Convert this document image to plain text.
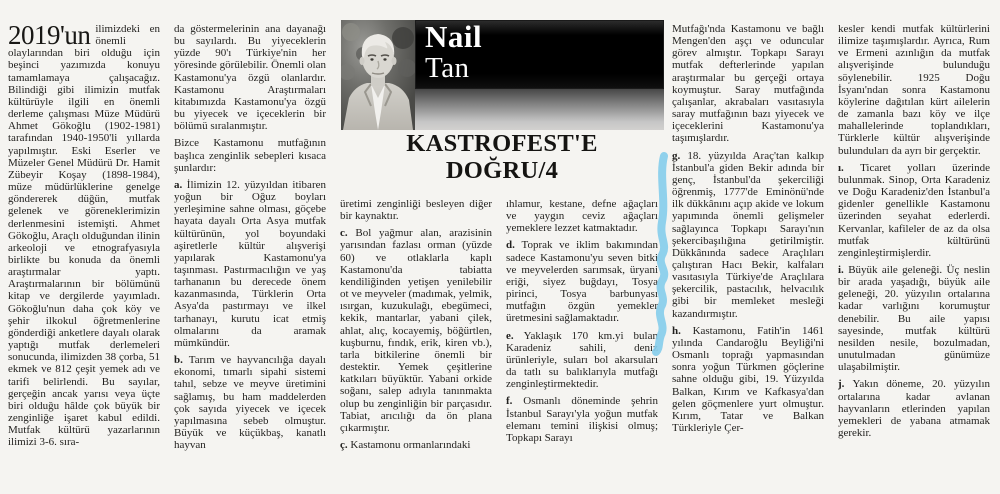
Nail
Tan
KASTROFEST'E
DOĞRU/4

2019'un ilimizdeki en önemli olaylarından biri olduğu için beşinci yazımızda konuyu tamamlamaya çalışacağız. Bilindiği gibi ilimizin mutfak kültürüyle ilgili en önemli derleme çalışması Müze Müdürü Ahmet Gökoğlu (1902-1981) tarafından 1940-1950'li yıllarda yapılmıştır. Eski Eserler ve Müzeler Genel Müdürü Dr. Hamit Zübeyir Koşay (1898-1984), müze müdürlüklerine genelge göndererek düğün, mutfak gelenek ve göreneklerimizin derlenmesini istemişti. Ahmet Gökoğlu, Araçlı olduğundan ilinin arkeoloji ve etnografyasıyla birlikte bu konuda da önemli araştırmalar yaptı. Araştırmalarının bir bölümünü kitap ve dergilerde yayımladı. Gökoğlu'nun daha çok köy ve şehir ilkokul öğretmenlerine gönderdiği anketlere dayalı olarak yaptığı mutfak derlemeleri sonucunda, ilimizden 38 çorba, 51 ekmek ve 812 çeşit yemek adı ve tarifi belirlendi. Bu sayılar, gerçeğin ancak yarısı veya üçte biri olduğu hâlde çok büyük bir zenginliğe işaret kabul edildi. Mutfak kültürü yazarlarının ilimizi 3-6. sıra-

da göstermelerinin ana dayanağı bu sayılardı. Bu yiyeceklerin yüzde 90'ı Türkiye'nin her yöresinde görülebilir. Önemli olan Kastamonu'ya özgü olanlardır. Kastamonu Araştırmaları kitabımızda Kastamonu'ya özgü bu yiyecek ve içeceklerin bir bölümü sıralanmıştır.

Bizce Kastamonu mutfağının başlıca zenginlik sebepleri kısaca şunlardır:

a. İlimizin 12. yüzyıldan itibaren yoğun bir Oğuz boyları yerleşimine sahne olması, göçebe hayata dayalı Orta Asya mutfak kültürünün, yol boyundaki aşiretlerle kültür alışverişi yapılarak Kastamonu'ya taşınması. Pastırmacılığın ve yaş tarhananın bu derecede önem kazanmasında, Türklerin Orta Asya'da pastırmayı ve ilkel tarhanayı, kurutu icat etmiş olmalarını da aramak mümkündür.

b. Tarım ve hayvancılığa dayalı ekonomi, tımarlı sipahi sistemi tahıl, sebze ve meyve üretimini sağlamış, bu ham maddelerden çok sayıda yiyecek ve içecek yapılmasına sebeb olmuştur. Büyük ve küçükbaş, kanatlı hayvan

üretimi zenginliği besleyen diğer bir kaynaktır.

c. Bol yağmur alan, arazisinin yarısından fazlası orman (yüzde 60) ve otlaklarla kaplı Kastamonu'da tabiatta kendiliğinden yetişen yenilebilir ot ve meyveler (madımak, yelmik, ısırgan, kuzukulağı, ebegümeci, kekik, mantarlar, yabani çilek, ahlat, alıç, kocayemiş, böğürtlen, kuşburnu, fındık, erik, kiren vb.), tarla bitkilerine önemli bir destektir. Yemek çeşitlerine katkıları büyüktür. Yabani orkide soğanı, salep adıyla tanınmakta olup bu zenginliğin bir parçasıdır. Tabiat, arıcılığı da ön plana çıkarmıştır.

ç. Kastamonu ormanlarındaki

ıhlamur, kestane, defne ağaçları ve yaygın ceviz ağaçları yemeklere lezzet katmaktadır.

d. Toprak ve iklim bakımından sadece Kastamonu'yu seven bitki ve meyvelerden sarımsak, üryani eriği, siyez buğdayı, Tosya pirinci, Tosya barbunyası mutfağın özgün yemekler üretmesini sağlamaktadır.

e. Yaklaşık 170 km.yi bulan Karadeniz sahili, deniz ürünleriyle, suları bol akarsuları da tatlı su balıklarıyla mutfağı zenginleştirmektedir.

f. Osmanlı döneminde şehrin İstanbul Sarayı'yla yoğun mutfak elemanı temini ilişkisi olmuş; Topkapı Sarayı

Mutfağı'nda Kastamonu ve bağlı Mengen'den aşçı ve oduncular görev almıştır. Topkapı Sarayı mutfak defterlerinde yapılan araştırmalar bu gerçeği ortaya koymuştur. Saray mutfağında çalışanlar, akrabaları vasıtasıyla saray mutfağının bazı yiyecek ve içeceklerini Kastamonu'ya taşımışlardır.

g. 18. yüzyılda Araç'tan kalkıp İstanbul'a giden Bekir adında bir genç, İstanbul'da şekerciliği öğrenmiş, 1777'de Eminönü'nde ilk dükkânını açıp akide ve lokum yapımında önemli gelişmeler sağlayınca Topkapı Sarayı'nın şekercibaşılığına getirilmiştir. Dükkânında sadece Araçlıları çalıştıran Hacı Bekir, kalfaları vasıtasıyla Türkiye'de Araçlılara şekercilik, pastacılık, helvacılık gibi bir memleket mesleği kazandırmıştır.

h. Kastamonu, Fatih'in 1461 yılında Candaroğlu Beyliği'ni Osmanlı toprağı yapmasından sonra yoğun Türkmen göçlerine sahne olduğu gibi, 19. Yüzyılda Balkan, Kırım ve Kafkasya'dan gelen göçmenlere yurt olmuştur. Kırım, Tatar ve Balkan Türkleriyle Çer-

kesler kendi mutfak kültürlerini ilimize taşımışlardır. Ayrıca, Rum ve Ermeni azınlığın da mutfak alışverişinde bulunduğu söylenebilir. 1925 Doğu İsyanı'ndan sonra Kastamonu köylerine dağıtılan kürt ailelerin de zamanla bazı köy ve ilçe mahallelerinde toplandıkları, Türklerle kültür alışverişinde bulunduları da ayrı bir gerçektir.

ı. Ticaret yolları üzerinde bulunmak. Sinop, Orta Karadeniz ve Doğu Karadeniz'den İstanbul'a gidenler genellikle Kastamonu üzerinden seyahat ederlerdi. Kervanlar, kafileler de az da olsa mutfak kültürünü zenginleştirmişlerdir.

i. Büyük aile geleneği. Üç neslin bir arada yaşadığı, büyük aile geleneği, 20. yüzyılın ortalarına kadar varlığını korumuştur denebilir. Bu aile yapısı sayesinde, mutfak kültürü nesilden nesile, bozulmadan, unutulmadan günümüze ulaşabilmiştir.

j. Yakın döneme, 20. yüzyılın ortalarına kadar avlanan hayvanların etlerinden yapılan yemekleri de yabana atmamak gerekir.
